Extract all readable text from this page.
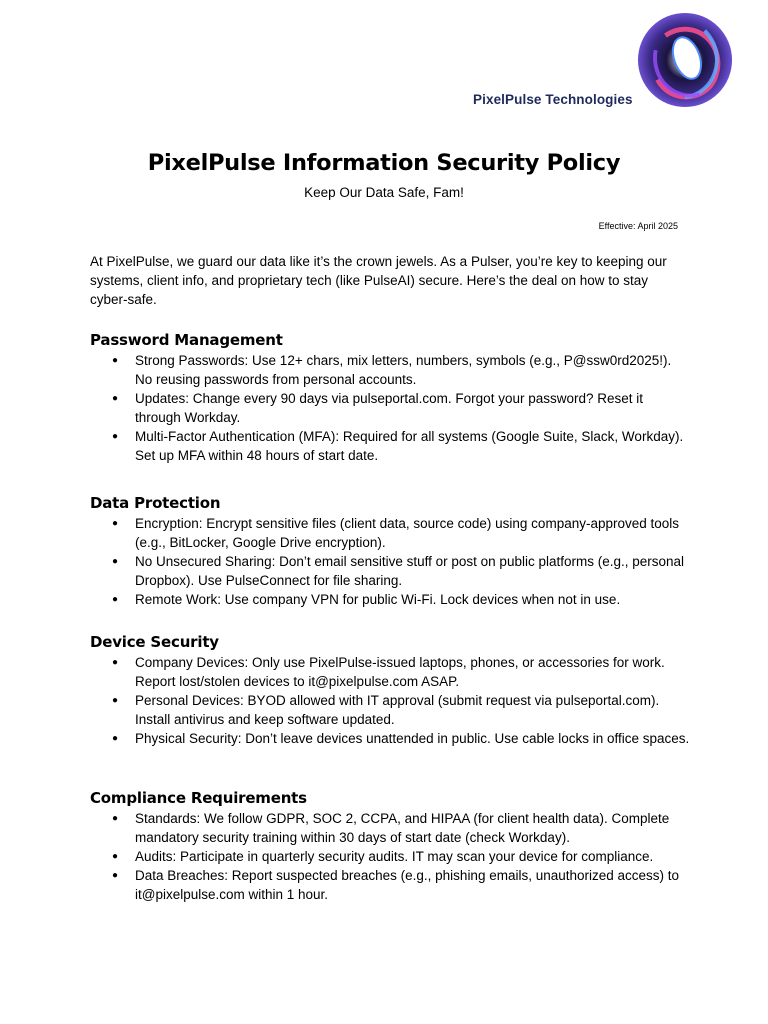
PixelPulse Technologies
PixelPulse Information Security Policy
Keep Our Data Safe, Fam!
Effective: April 2025
At PixelPulse, we guard our data like it’s the crown jewels. As a Pulser, you’re key to keeping our systems, client info, and proprietary tech (like PulseAI) secure. Here’s the deal on how to stay cyber-safe.
Password Management
● Strong Passwords: Use 12+ chars, mix letters, numbers, symbols (e.g., P@ssw0rd2025!). No reusing passwords from personal accounts.
● Updates: Change every 90 days via pulseportal.com. Forgot your password? Reset it through Workday.
● Multi-Factor Authentication (MFA): Required for all systems (Google Suite, Slack, Workday). Set up MFA within 48 hours of start date.
Data Protection
● Encryption: Encrypt sensitive files (client data, source code) using company-approved tools (e.g., BitLocker, Google Drive encryption).
● No Unsecured Sharing: Don’t email sensitive stuff or post on public platforms (e.g., personal Dropbox). Use PulseConnect for file sharing.
● Remote Work: Use company VPN for public Wi-Fi. Lock devices when not in use.
Device Security
● Company Devices: Only use PixelPulse-issued laptops, phones, or accessories for work. Report lost/stolen devices to it@pixelpulse.com ASAP.
● Personal Devices: BYOD allowed with IT approval (submit request via pulseportal.com). Install antivirus and keep software updated.
● Physical Security: Don’t leave devices unattended in public. Use cable locks in office spaces.
Compliance Requirements
● Standards: We follow GDPR, SOC 2, CCPA, and HIPAA (for client health data). Complete mandatory security training within 30 days of start date (check Workday).
● Audits: Participate in quarterly security audits. IT may scan your device for compliance.
● Data Breaches: Report suspected breaches (e.g., phishing emails, unauthorized access) to it@pixelpulse.com within 1 hour.
